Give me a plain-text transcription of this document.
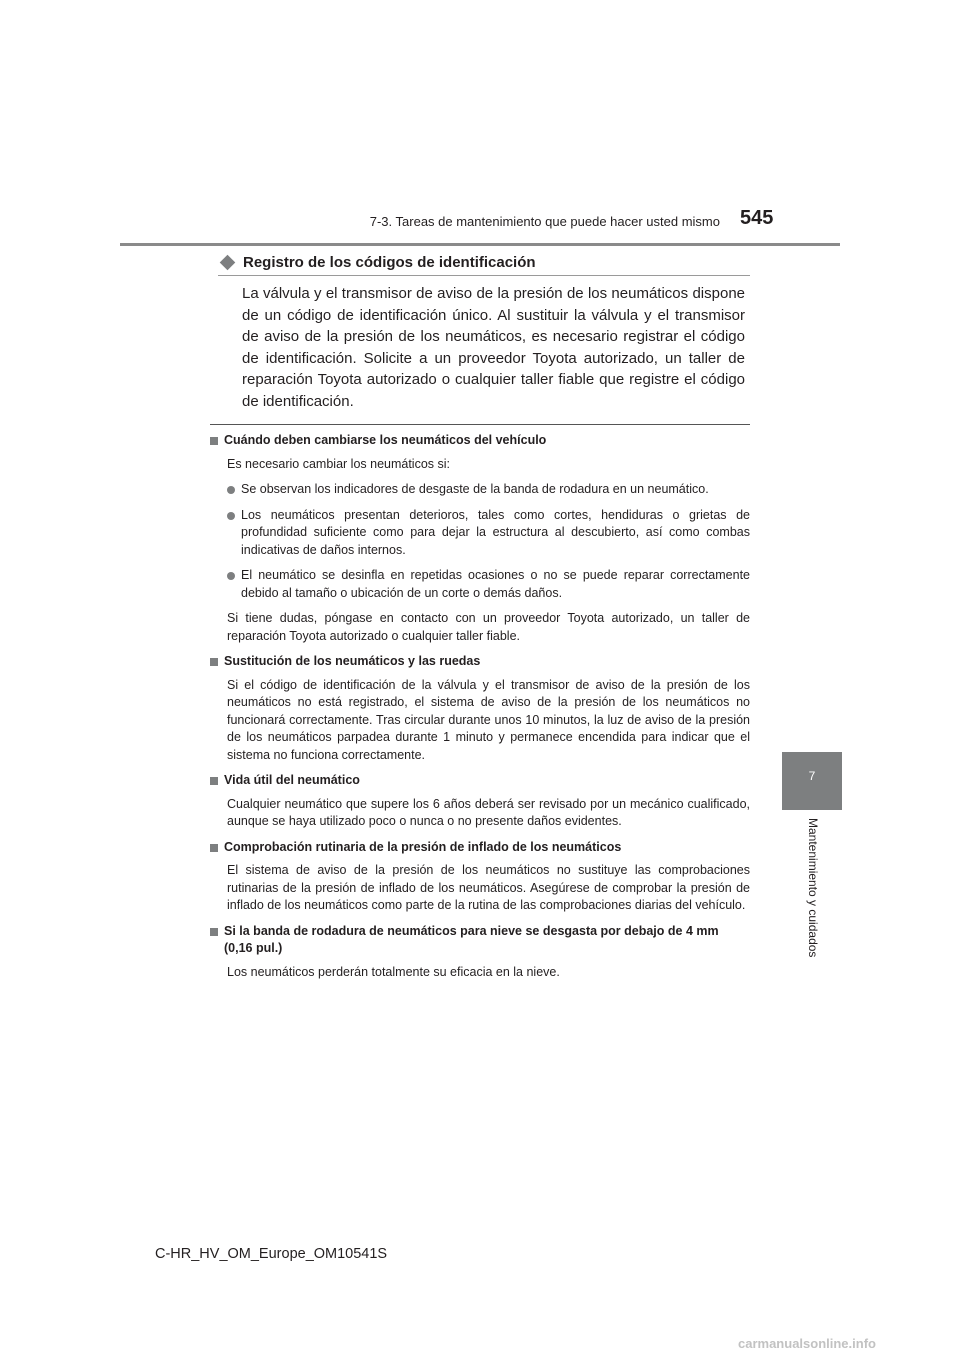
7-3. Tareas de mantenimiento que puede hacer usted mismo 545
7
Mantenimiento y cuidados
Registro de los códigos de identificación
La válvula y el transmisor de aviso de la presión de los neumáticos dispone de un código de identificación único. Al sustituir la válvula y el transmisor de aviso de la presión de los neumáticos, es necesario registrar el código de identificación. Solicite a un proveedor Toyota autorizado, un taller de reparación Toyota autorizado o cualquier taller fiable que registre el código de identificación.
Cuándo deben cambiarse los neumáticos del vehículo
Es necesario cambiar los neumáticos si:
Se observan los indicadores de desgaste de la banda de rodadura en un neumático.
Los neumáticos presentan deterioros, tales como cortes, hendiduras o grietas de profundidad suficiente como para dejar la estructura al descubierto, así como combas indicativas de daños internos.
El neumático se desinfla en repetidas ocasiones o no se puede reparar correctamente debido al tamaño o ubicación de un corte o demás daños.
Si tiene dudas, póngase en contacto con un proveedor Toyota autorizado, un taller de reparación Toyota autorizado o cualquier taller fiable.
Sustitución de los neumáticos y las ruedas
Si el código de identificación de la válvula y el transmisor de aviso de la presión de los neumáticos no está registrado, el sistema de aviso de la presión de los neumáticos no funcionará correctamente. Tras circular durante unos 10 minutos, la luz de aviso de la presión de los neumáticos parpadea durante 1 minuto y permanece encendida para indicar que el sistema no funciona correctamente.
Vida útil del neumático
Cualquier neumático que supere los 6 años deberá ser revisado por un mecánico cualificado, aunque se haya utilizado poco o nunca o no presente daños evidentes.
Comprobación rutinaria de la presión de inflado de los neumáticos
El sistema de aviso de la presión de los neumáticos no sustituye las comprobaciones rutinarias de la presión de inflado de los neumáticos. Asegúrese de comprobar la presión de inflado de los neumáticos como parte de la rutina de las comprobaciones diarias del vehículo.
Si la banda de rodadura de neumáticos para nieve se desgasta por debajo de 4 mm (0,16 pul.)
Los neumáticos perderán totalmente su eficacia en la nieve.
C-HR_HV_OM_Europe_OM10541S
carmanualsonline.info
